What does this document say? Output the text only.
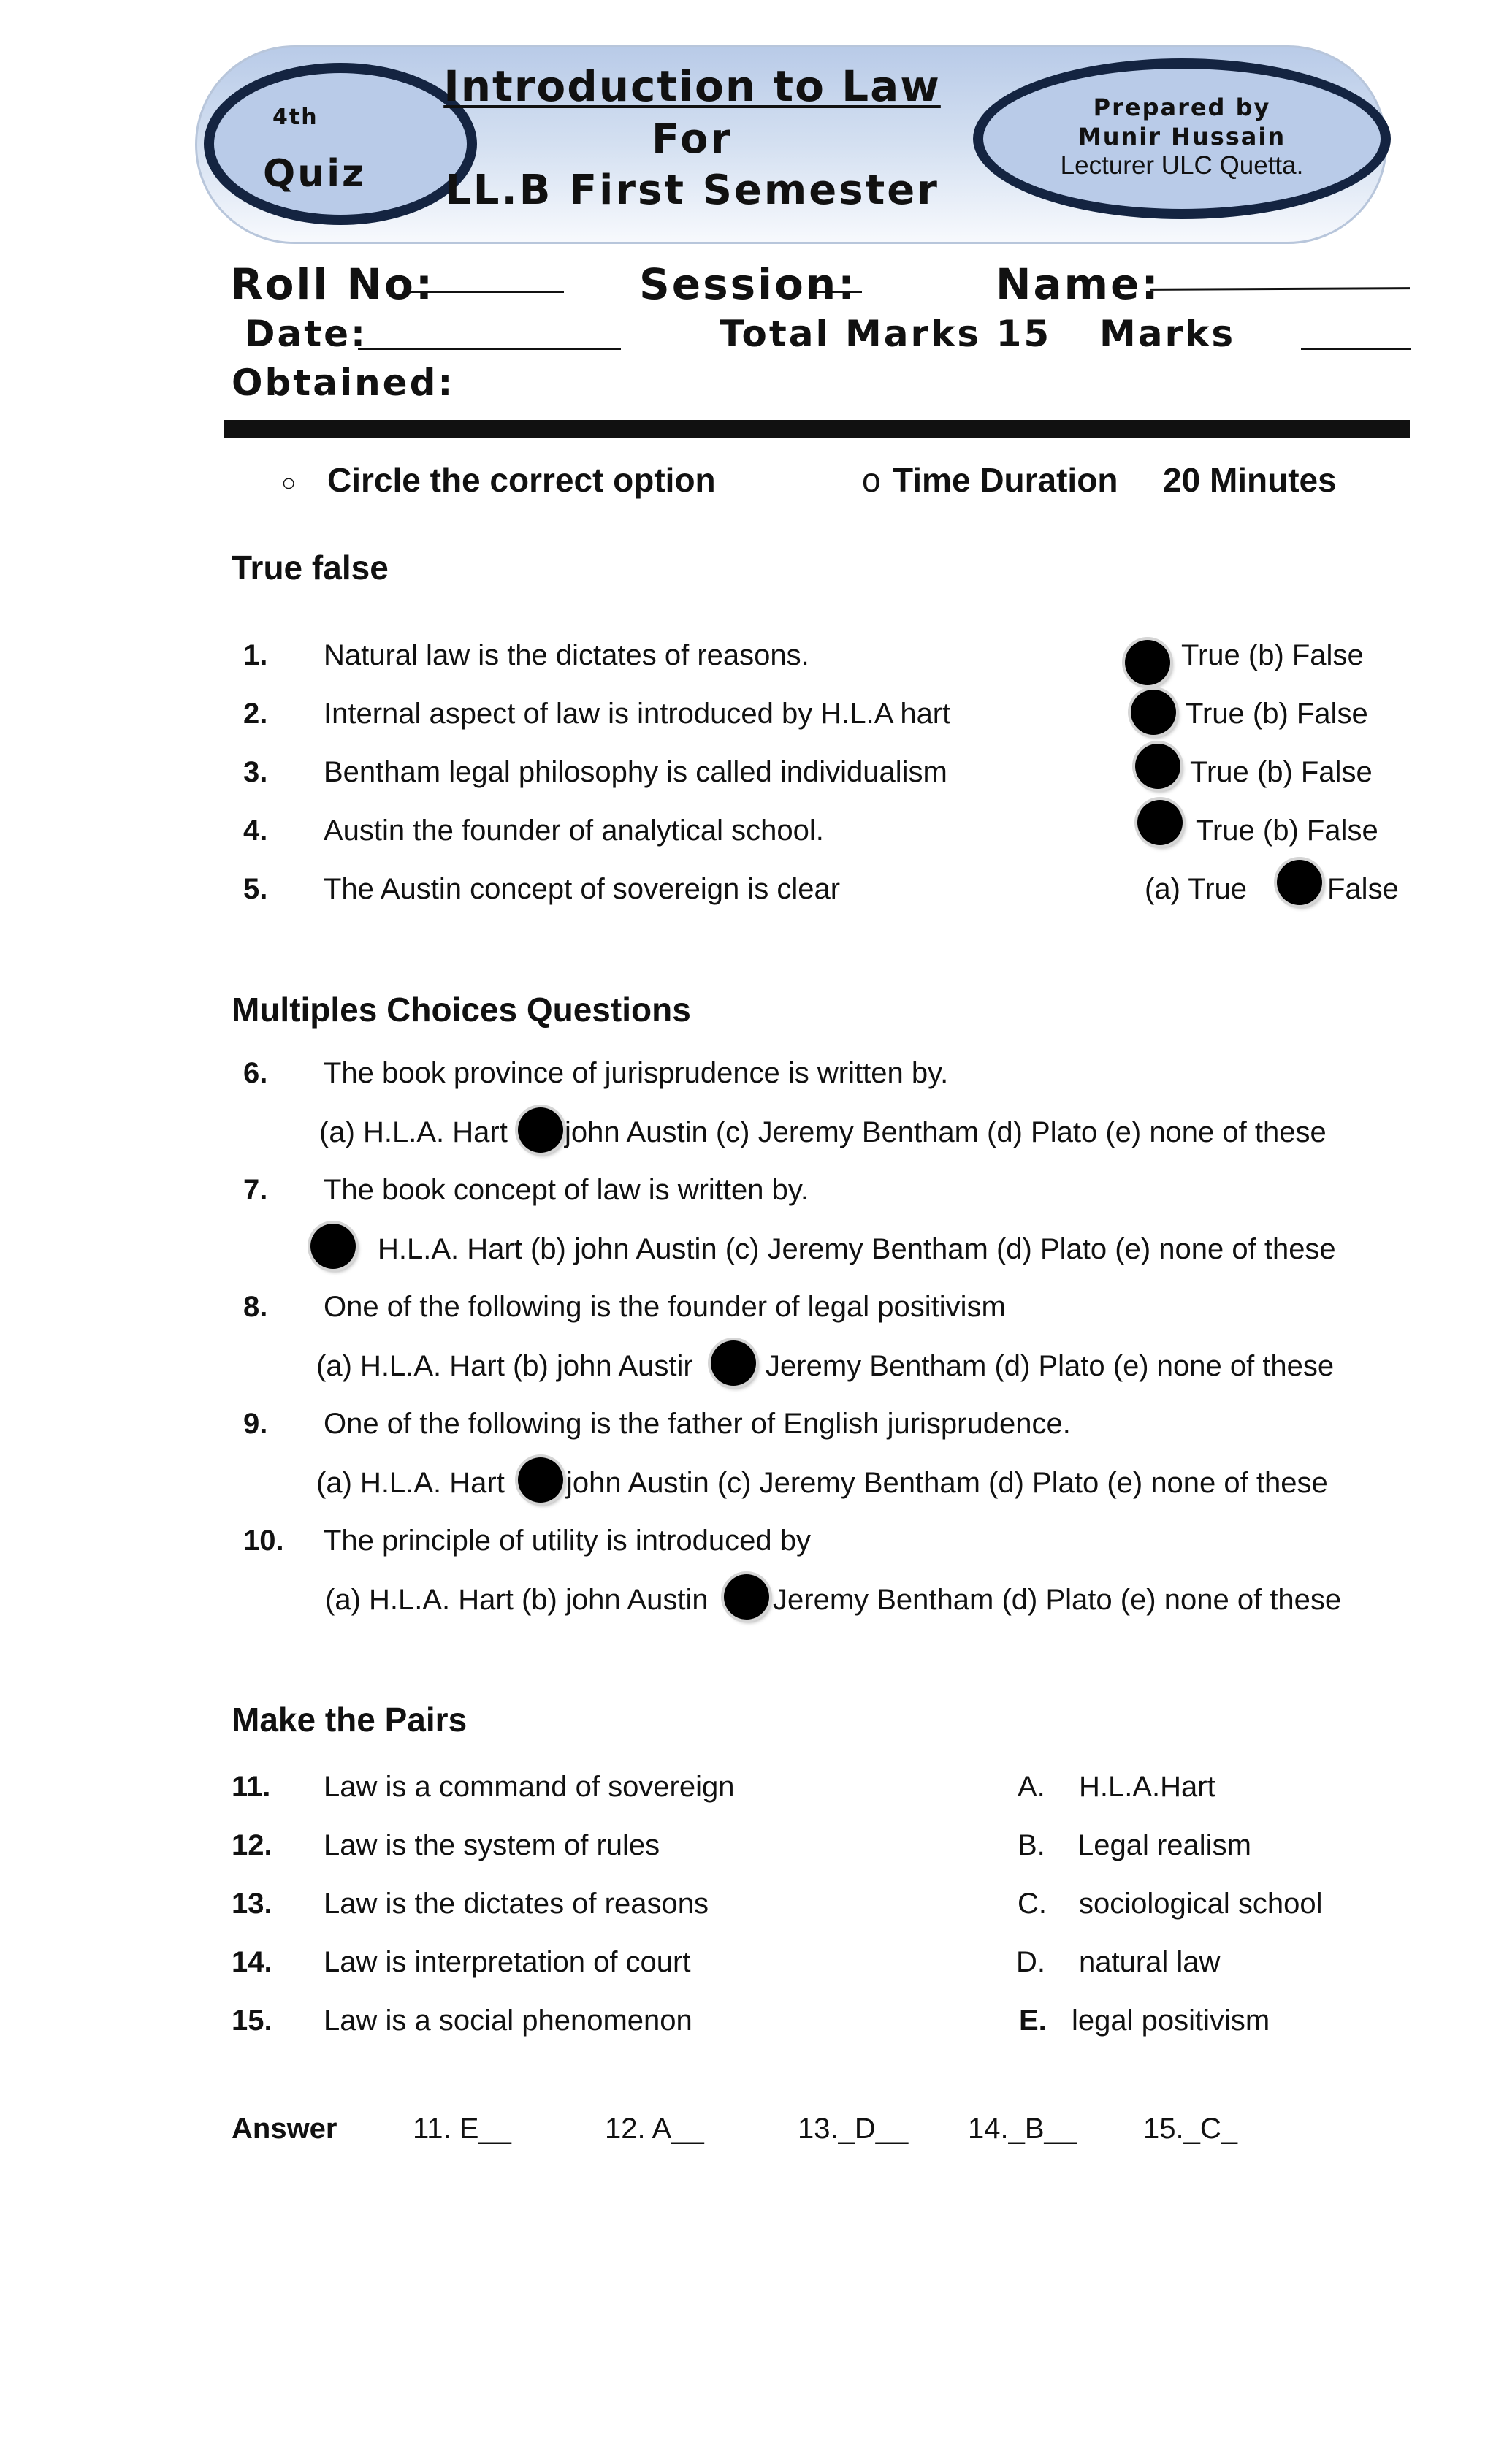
4th
Quiz
Introduction to Law
For
LL.B First Semester
Prepared by
Munir Hussain
Lecturer ULC Quetta.
Roll No:	Session:	Name:
Date:	Total Marks 15 Marks
Obtained:
○ Circle the correct option	o Time Duration 20 Minutes
True false
1. Natural law is the dictates of reasons.	True (b) False
2. Internal aspect of law is introduced by H.L.A hart	True (b) False
3. Bentham legal philosophy is called individualism	True (b) False
4. Austin the founder of analytical school.	True (b) False
5. The Austin concept of sovereign is clear	(a) True	False
Multiples Choices Questions
6. The book province of jurisprudence is written by.
(a) H.L.A. Hart john Austin (c) Jeremy Bentham (d) Plato (e) none of these
7. The book concept of law is written by.
H.L.A. Hart (b) john Austin (c) Jeremy Bentham (d) Plato (e) none of these
8. One of the following is the founder of legal positivism
(a) H.L.A. Hart (b) john Austir Jeremy Bentham (d) Plato (e) none of these
9. One of the following is the father of English jurisprudence.
(a) H.L.A. Hart john Austin (c) Jeremy Bentham (d) Plato (e) none of these
10. The principle of utility is introduced by
(a) H.L.A. Hart (b) john Austin Jeremy Bentham (d) Plato (e) none of these
Make the Pairs
11. Law is a command of sovereign	A. H.L.A.Hart
12. Law is the system of rules	B. Legal realism
13. Law is the dictates of reasons	C. sociological school
14. Law is interpretation of court	D. natural law
15. Law is a social phenomenon	E. legal positivism
Answer	11. E__	12. A__	13._D__ 14._B__ 15._C_
